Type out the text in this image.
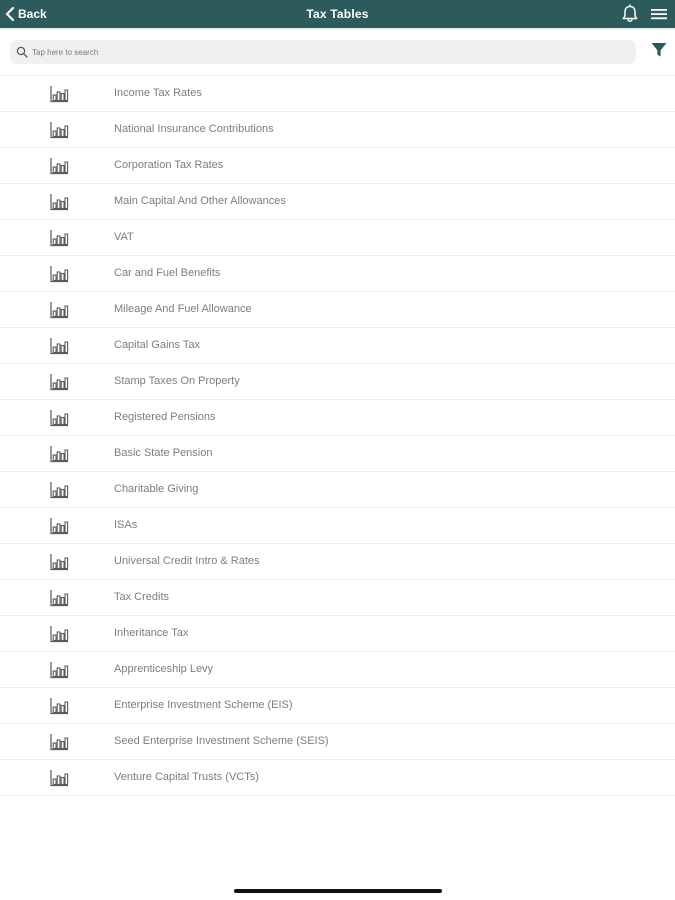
Back	Tax Tables
Tap here to search
Income Tax Rates
National Insurance Contributions
Corporation Tax Rates
Main Capital And Other Allowances
VAT
Car and Fuel Benefits
Mileage And Fuel Allowance
Capital Gains Tax
Stamp Taxes On Property
Registered Pensions
Basic State Pension
Charitable Giving
ISAs
Universal Credit Intro & Rates
Tax Credits
Inheritance Tax
Apprenticeship Levy
Enterprise Investment Scheme (EIS)
Seed Enterprise Investment Scheme (SEIS)
Venture Capital Trusts (VCTs)
